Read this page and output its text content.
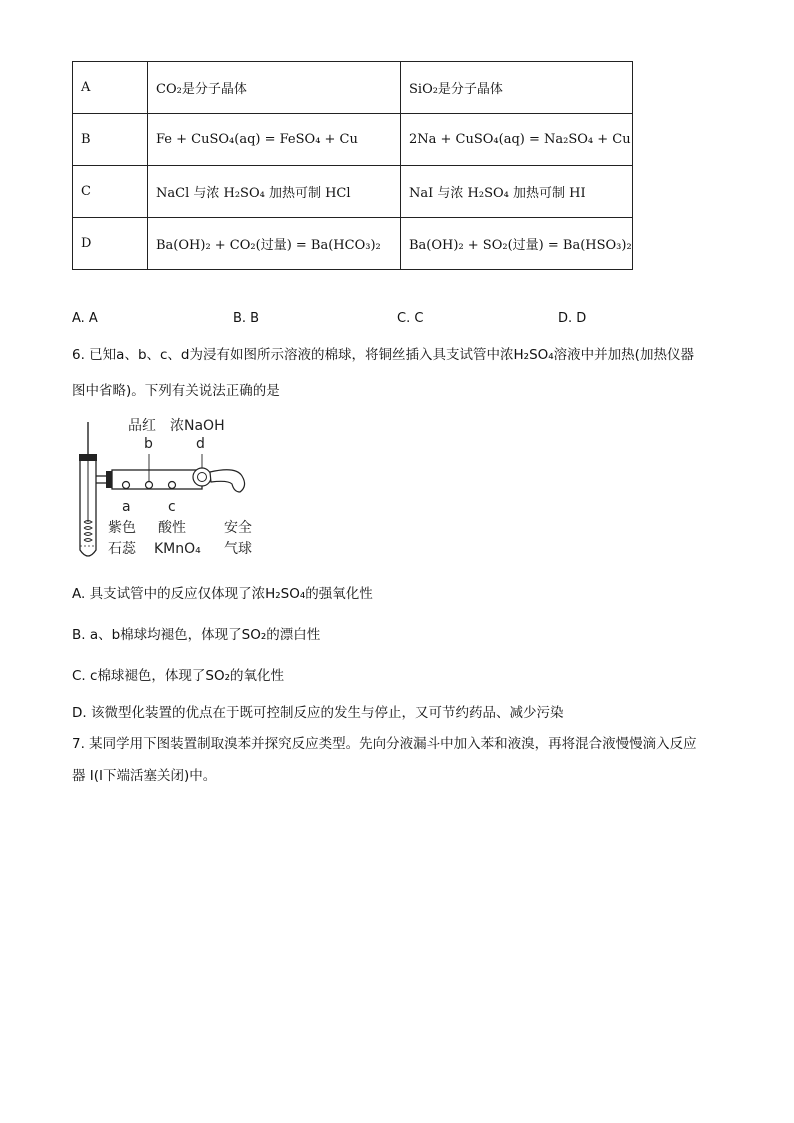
A	CO₂是分子晶体	SiO₂是分子晶体
B	Fe + CuSO₄(aq) = FeSO₄ + Cu	2Na + CuSO₄(aq) = Na₂SO₄ + Cu
C	NaCl 与浓 H₂SO₄ 加热可制 HCl	NaI 与浓 H₂SO₄ 加热可制 HI
D	Ba(OH)₂ + CO₂(过量) = Ba(HCO₃)₂	Ba(OH)₂ + SO₂(过量) = Ba(HSO₃)₂
A. A	B. B	C. C	D. D
6. 已知a、b、c、d为浸有如图所示溶液的棉球，将铜丝插入具支试管中浓H₂SO₄溶液中并加热(加热仪器
图中省略)。下列有关说法正确的是
品红 浓NaOH
b	d
a	c
紫色
石蕊
酸性
KMnO₄
安全
气球
A. 具支试管中的反应仅体现了浓H₂SO₄的强氧化性
B. a、b棉球均褪色，体现了SO₂的漂白性
C. c棉球褪色，体现了SO₂的氧化性
D. 该微型化装置的优点在于既可控制反应的发生与停止，又可节约药品、减少污染
7. 某同学用下图装置制取溴苯并探究反应类型。先向分液漏斗中加入苯和液溴，再将混合液慢慢滴入反应
器 I(I下端活塞关闭)中。
